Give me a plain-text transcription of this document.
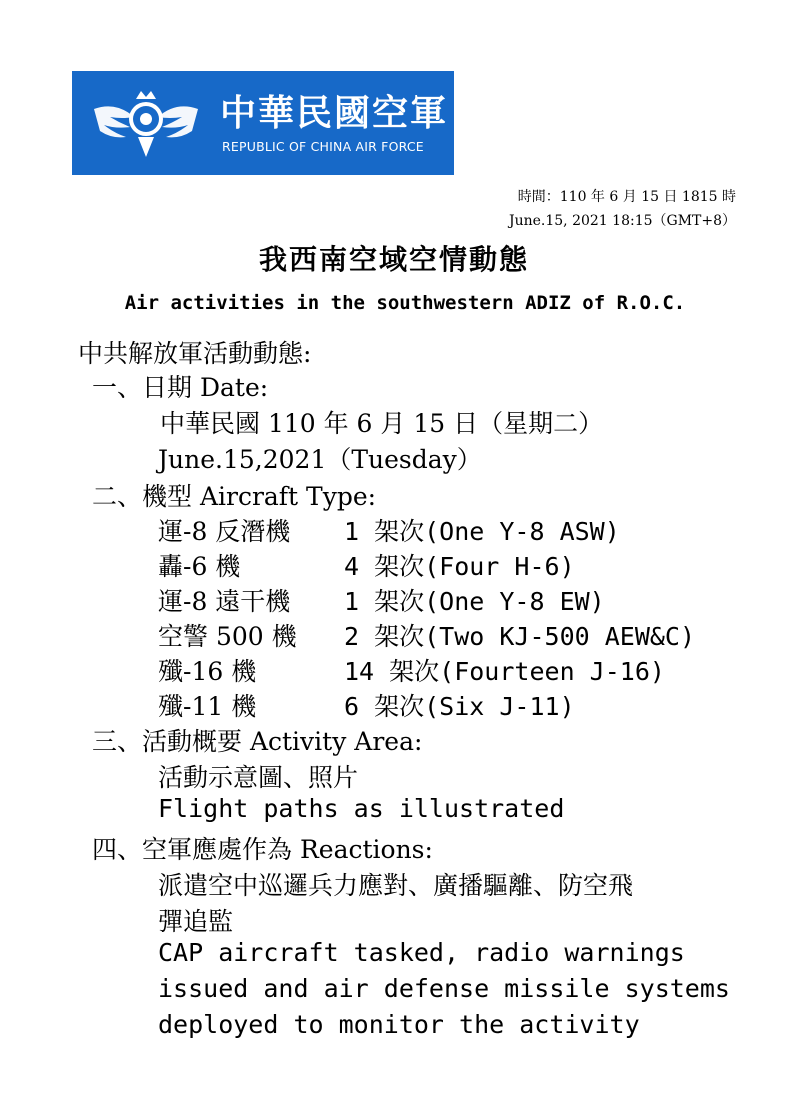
中華民國空軍
REPUBLIC OF CHINA AIR FORCE
時間：110 年 6 月 15 日 1815 時
June.15, 2021 18:15（GMT+8）
我西南空域空情動態
Air activities in the southwestern ADIZ of R.O.C.
中共解放軍活動動態:
一、日期 Date:
中華民國 110 年 6 月 15 日（星期二）
June.15,2021（Tuesday）
二、機型 Aircraft Type:
運-8 反潛機 1 架次(One Y-8 ASW)
轟-6 機	4 架次(Four H-6)
運-8 遠干機 1 架次(One Y-8 EW)
空警 500 機 2 架次(Two KJ-500 AEW&C)
殲-16 機	14 架次(Fourteen J-16)
殲-11 機	6 架次(Six J-11)
三、活動概要 Activity Area:
活動示意圖、照片
Flight paths as illustrated
四、空軍應處作為 Reactions:
派遣空中巡邏兵力應對、廣播驅離、防空飛
彈追監
CAP aircraft tasked, radio warnings
issued and air defense missile systems
deployed to monitor the activity
